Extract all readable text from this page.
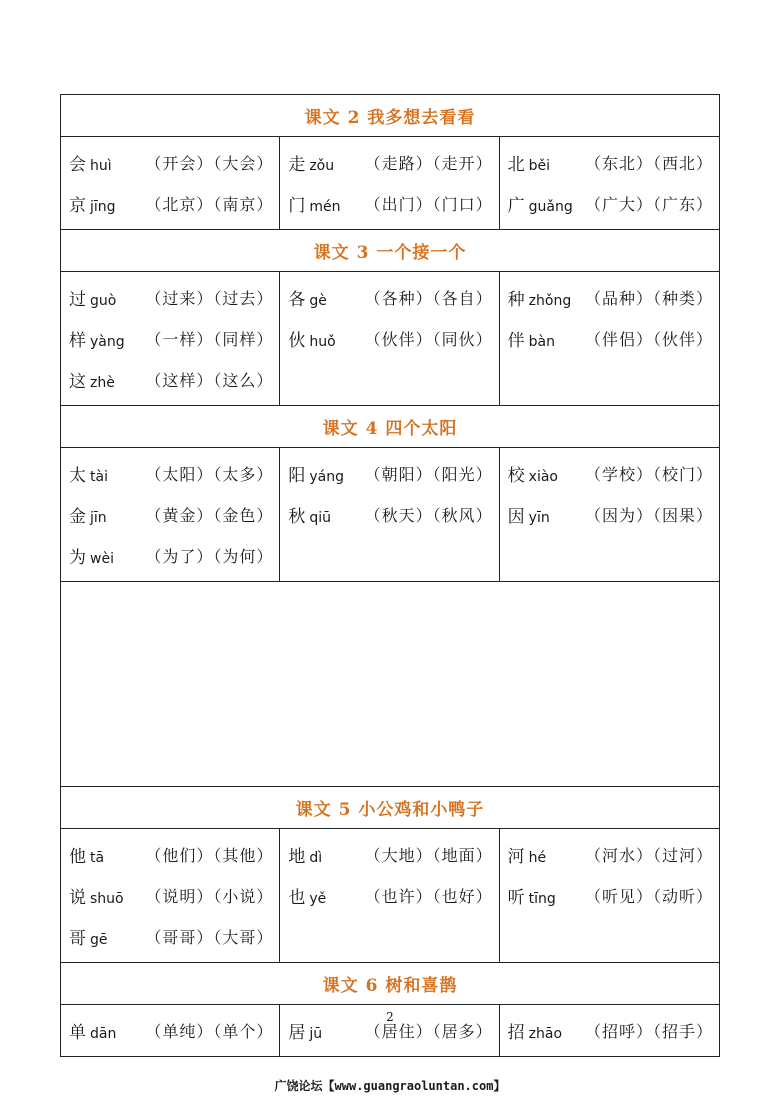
课文 2 我多想去看看
会 huì （开会）（大会）
京 jīng （北京）（南京）
走 zǒu （走路）（走开）
门 mén （出门）（门口）
北 běi （东北）（西北）
广 guǎng （广大）（广东）
课文 3 一个接一个
过 guò （过来）（过去）
样 yàng （一样）（同样）
这 zhè （这样）（这么）
各 gè （各种）（各自）
伙 huǒ （伙伴）（同伙）
种 zhǒng （品种）（种类）
伴 bàn （伴侣）（伙伴）
课文 4 四个太阳
太 tài （太阳）（太多）
金 jīn （黄金）（金色）
为 wèi （为了）（为何）
阳 yáng （朝阳）（阳光）
秋 qiū （秋天）（秋风）
校 xiào （学校）（校门）
因 yīn （因为）（因果）
课文 5 小公鸡和小鸭子
他 tā	（他们）（其他）
说 shuō （说明）（小说）
哥 gē （哥哥）（大哥）
地 dì	（大地）（地面）
也 yě （也许）（也好）
河 hé （河水）（过河）
听 tīng （听见）（动听）
课文 6 树和喜鹊
单 dān （单纯）（单个） 居 jū	（居住）（居多） 招 zhāo （招呼）（招手）
2
广饶论坛【www.guangraoluntan.com】
